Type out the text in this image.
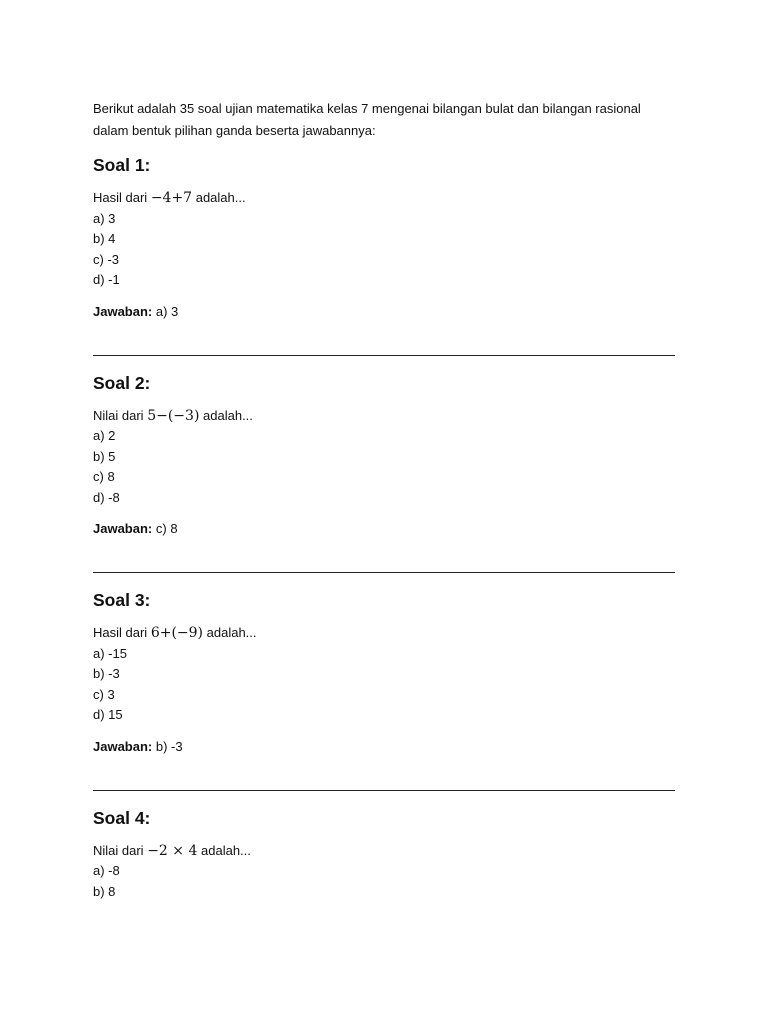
Berikut adalah 35 soal ujian matematika kelas 7 mengenai bilangan bulat dan bilangan rasional dalam bentuk pilihan ganda beserta jawabannya:

Soal 1:

Hasil dari −4+7 adalah...

a) 3
b) 4
c) -3
d) -1

Jawaban: a) 3

Soal 2:

Nilai dari 5−(−3) adalah...

a) 2
b) 5
c) 8
d) -8

Jawaban: c) 8

Soal 3:

Hasil dari 6+(−9) adalah...

a) -15
b) -3
c) 3
d) 15

Jawaban: b) -3

Soal 4:

Nilai dari −2 × 4 adalah...

a) -8
b) 8
